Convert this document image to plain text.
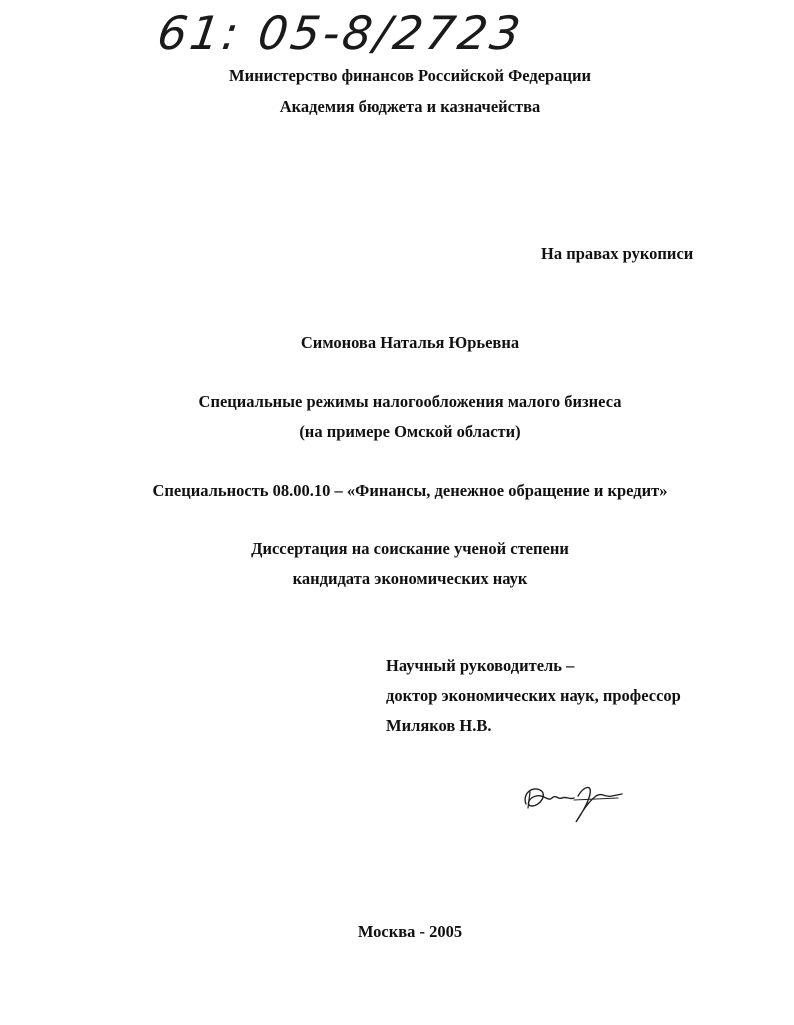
61: 05-8/2723
Министерство финансов Российской Федерации
Академия бюджета и казначейства
На правах рукописи
Симонова Наталья Юрьевна
Специальные режимы налогообложения малого бизнеса
(на примере Омской области)
Специальность 08.00.10 – «Финансы, денежное обращение и кредит»
Диссертация на соискание ученой степени
кандидата экономических наук
Научный руководитель –
доктор экономических наук, профессор
Миляков Н.В.
Москва - 2005
